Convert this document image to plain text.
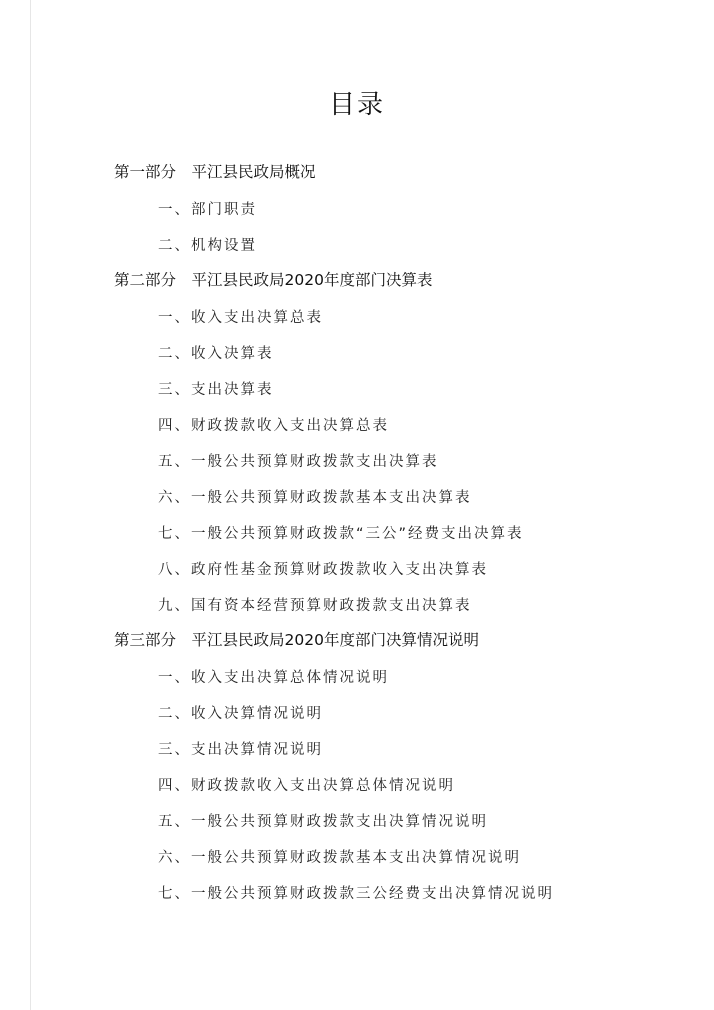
目录
第一部分　平江县民政局概况
一、部门职责
二、机构设置
第二部分　平江县民政局2020年度部门决算表
一、收入支出决算总表
二、收入决算表
三、支出决算表
四、财政拨款收入支出决算总表
五、一般公共预算财政拨款支出决算表
六、一般公共预算财政拨款基本支出决算表
七、一般公共预算财政拨款“三公”经费支出决算表
八、政府性基金预算财政拨款收入支出决算表
九、国有资本经营预算财政拨款支出决算表
第三部分　平江县民政局2020年度部门决算情况说明
一、收入支出决算总体情况说明
二、收入决算情况说明
三、支出决算情况说明
四、财政拨款收入支出决算总体情况说明
五、一般公共预算财政拨款支出决算情况说明
六、一般公共预算财政拨款基本支出决算情况说明
七、一般公共预算财政拨款三公经费支出决算情况说明
